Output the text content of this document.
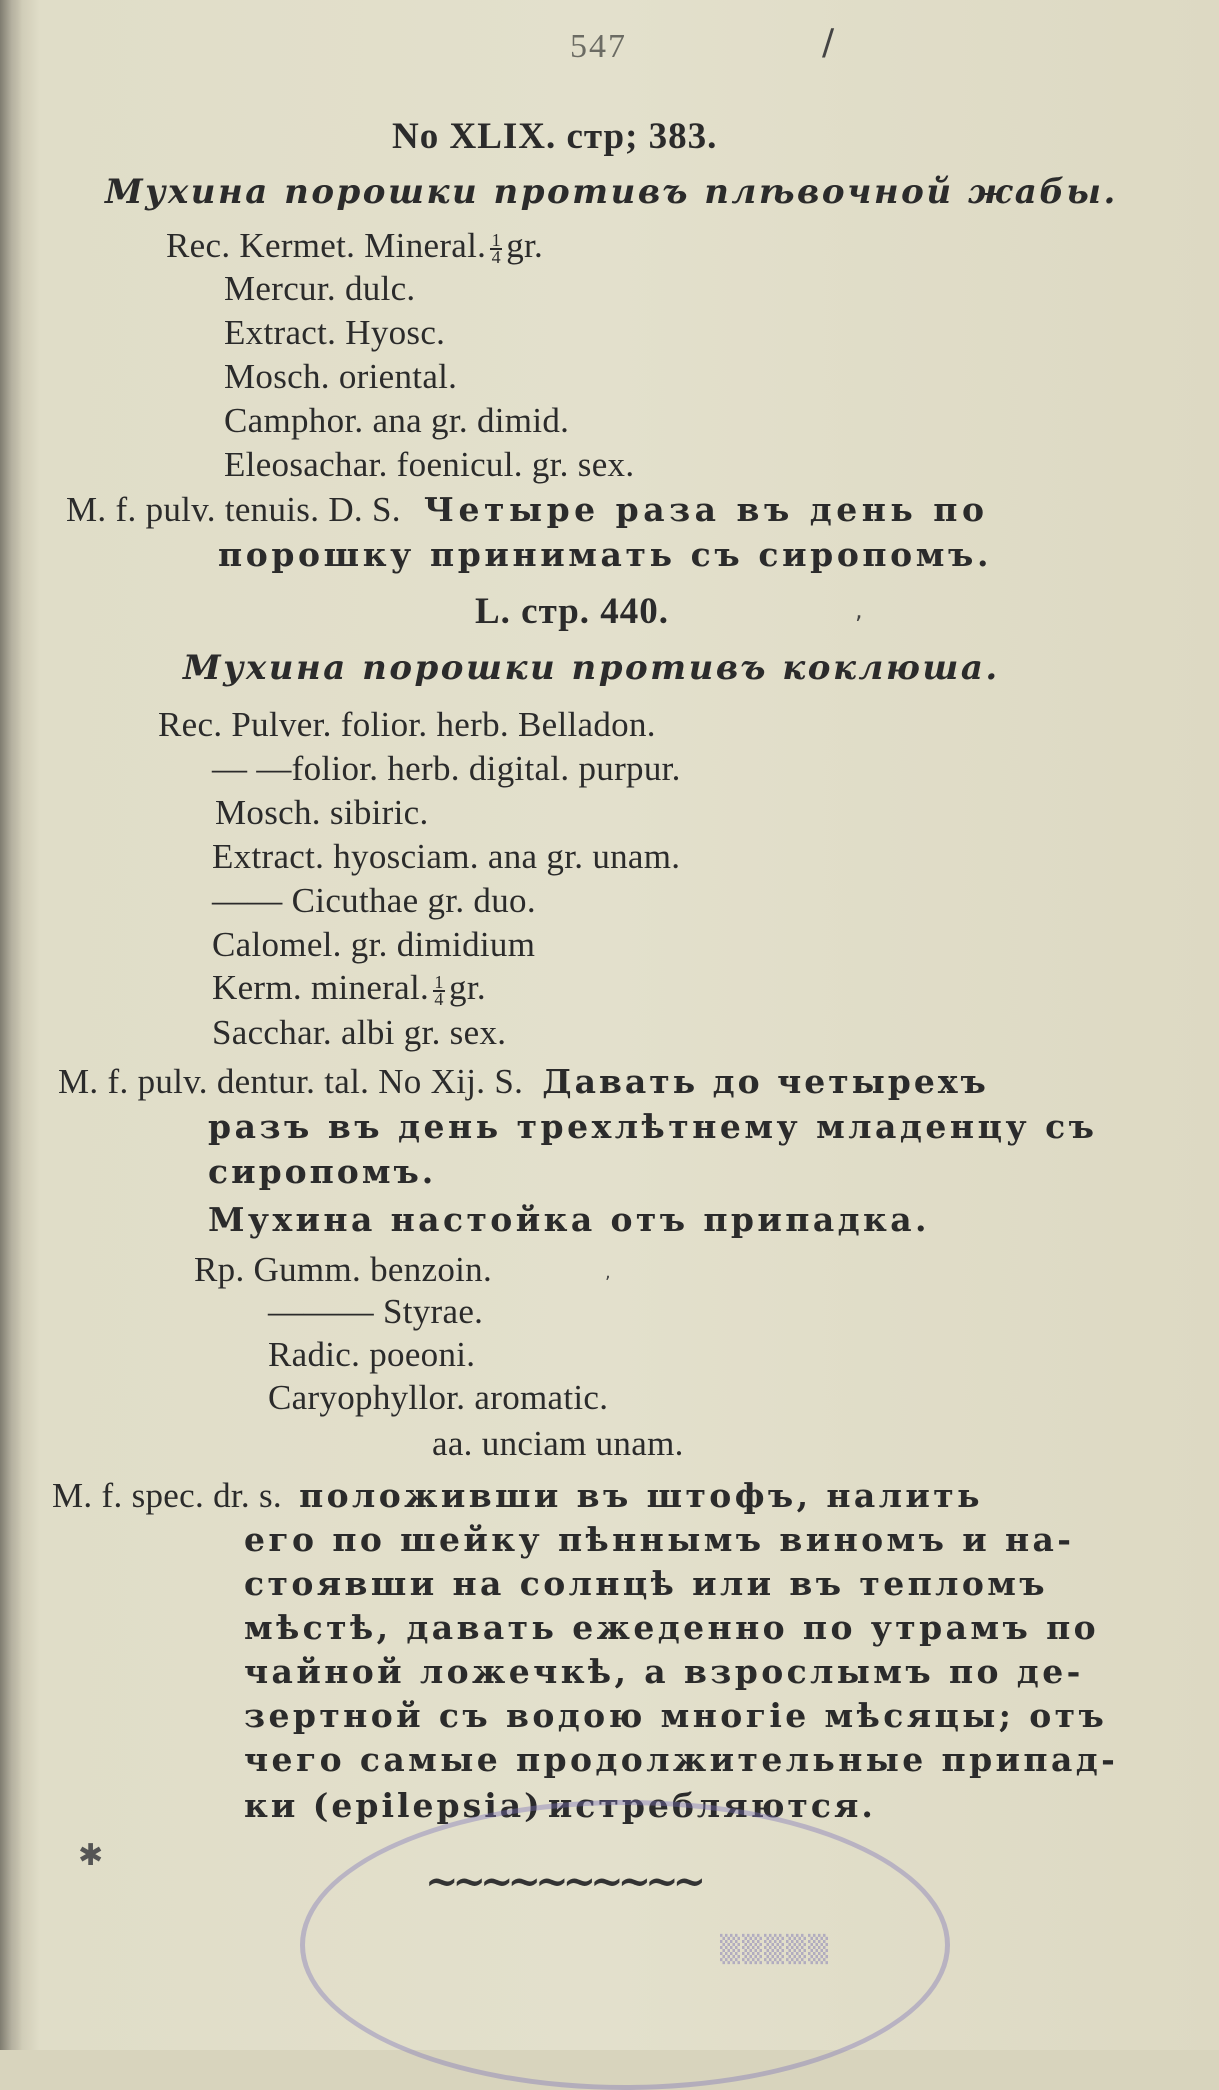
547	/
No XLIX. стр; 383.
Мухина порошки противъ плѣвочной жабы.
Rec. Kermet. Mineral. $\frac{1}{4}$ gr.
Mercur. dulc.
Extract. Hyosc.
Mosch. oriental.
Camphor. ana gr. dimid.
Eleosachar. foenicul. gr. sex.
M. f. pulv. tenuis. D. S. Четыре раза въ день по
порошку принимать съ сиропомъ.
L. стр. 440.	,
Мухина порошки противъ коклюша.
Rec. Pulver. folior. herb. Belladon.
— —folior. herb. digital. purpur.
Mosch. sibiric.
Extract. hyosciam. ana gr. unam.
—— Cicuthae gr. duo.
Calomel. gr. dimidium
Kerm. mineral. $\frac{1}{4}$ gr.
Sacchar. albi gr. sex.
M. f. pulv. dentur. tal. No Xij. S. Давать до четырехъ
разъ въ день трехлѣтнему младенцу съ
сиропомъ.
Мухина настойка отъ припадка.
Rp. Gumm. benzoin.	,
——— Styrae.
Radic. poeoni.
Caryophyllor. aromatic.
aa. unciam unam.
M. f. spec. dr. s. положивши въ штофъ, налить
его по шейку пѣннымъ виномъ и на-
стоявши на солнцѣ или въ тепломъ
мѣстѣ, давать ежеденно по утрамъ по
чайной ложечкѣ, а взрослымъ по де-
зертной съ водою многіе мѣсяцы; отъ
чего самые продолжительные припад-
ки (epilepsia) истребляются.
~~~~~~~~~~
▒▒▒▒▒
✱
